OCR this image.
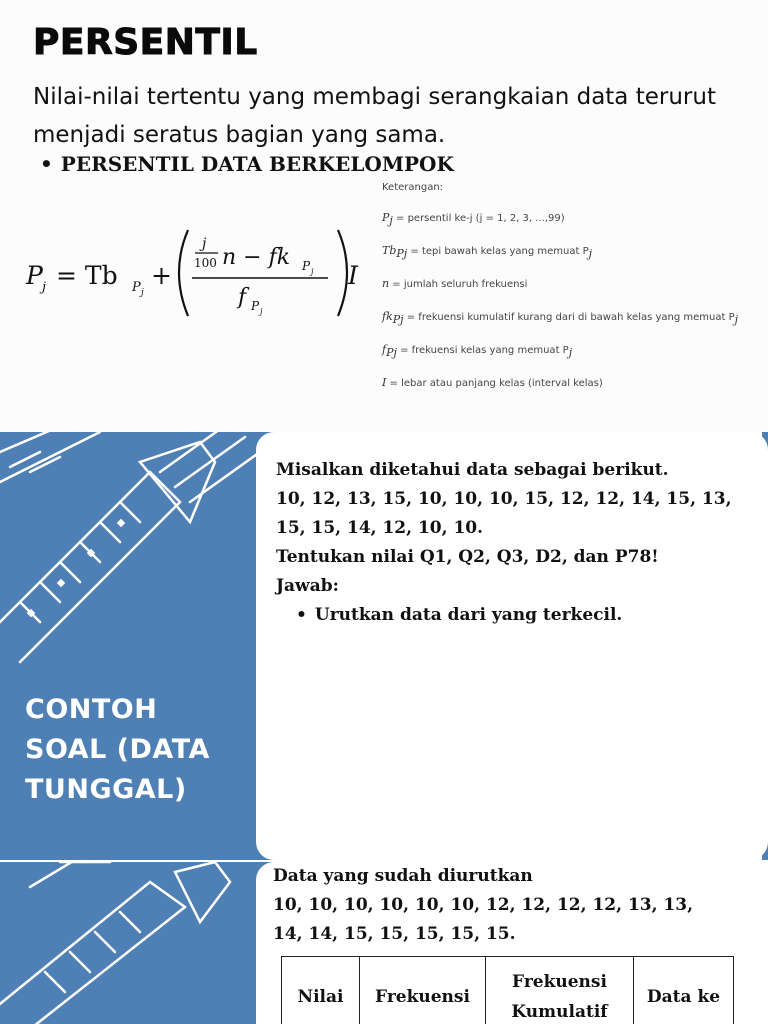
PERSENTIL
Nilai-nilai tertentu yang membagi serangkaian data terurut menjadi seratus bagian yang sama.
• PERSENTIL DATA BERKELOMPOK
P j = Tb P j
+
j
100 n − fk P j
f P j
I
Keterangan:
$P_j$ = persentil ke-j (j = 1, 2, 3, ...,99)
$Tb_{Pj}$ = tepi bawah kelas yang memuat $P_j$
n = jumlah seluruh frekuensi
$fk_{Pj}$ = frekuensi kumulatif kurang dari di bawah kelas yang memuat $P_j$
$f_{Pj}$ = frekuensi kelas yang memuat $P_j$
I = lebar atau panjang kelas (interval kelas)
CONTOH
SOAL (DATA
TUNGGAL)
Misalkan diketahui data sebagai berikut.
10, 12, 13, 15, 10, 10, 10, 15, 12, 12, 14, 15, 13,
15, 15, 14, 12, 10, 10.
Tentukan nilai Q1, Q2, Q3, D2, dan P78!
Jawab:
• Urutkan data dari yang terkecil.
Data yang sudah diurutkan
10, 10, 10, 10, 10, 10, 12, 12, 12, 12, 13, 13,
14, 14, 15, 15, 15, 15, 15.
Nilai	Frekuensi	Frekuensi Kumulatif	Data ke
